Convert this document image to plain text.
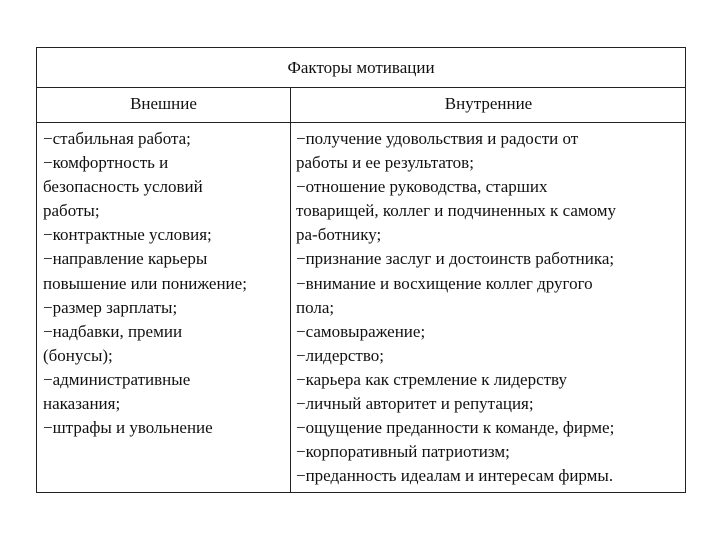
Факторы мотивации
Внешние	Внутренние
−стабильная работа;
−комфортность и
безопасность условий
работы;
−контрактные условия;
−направление карьеры
повышение или понижение;
−размер зарплаты;
−надбавки, премии
(бонусы);
−административные
наказания;
−штрафы и увольнение
−получение удовольствия и радости от
работы и ее результатов;
−отношение руководства, старших
товарищей, коллег и подчиненных к самому
ра-ботнику;
−признание заслуг и достоинств работника;
−внимание и восхищение коллег другого
пола;
−самовыражение;
−лидерство;
−карьера как стремление к лидерству
−личный авторитет и репутация;
−ощущение преданности к команде, фирме;
−корпоративный патриотизм;
−преданность идеалам и интересам фирмы.
